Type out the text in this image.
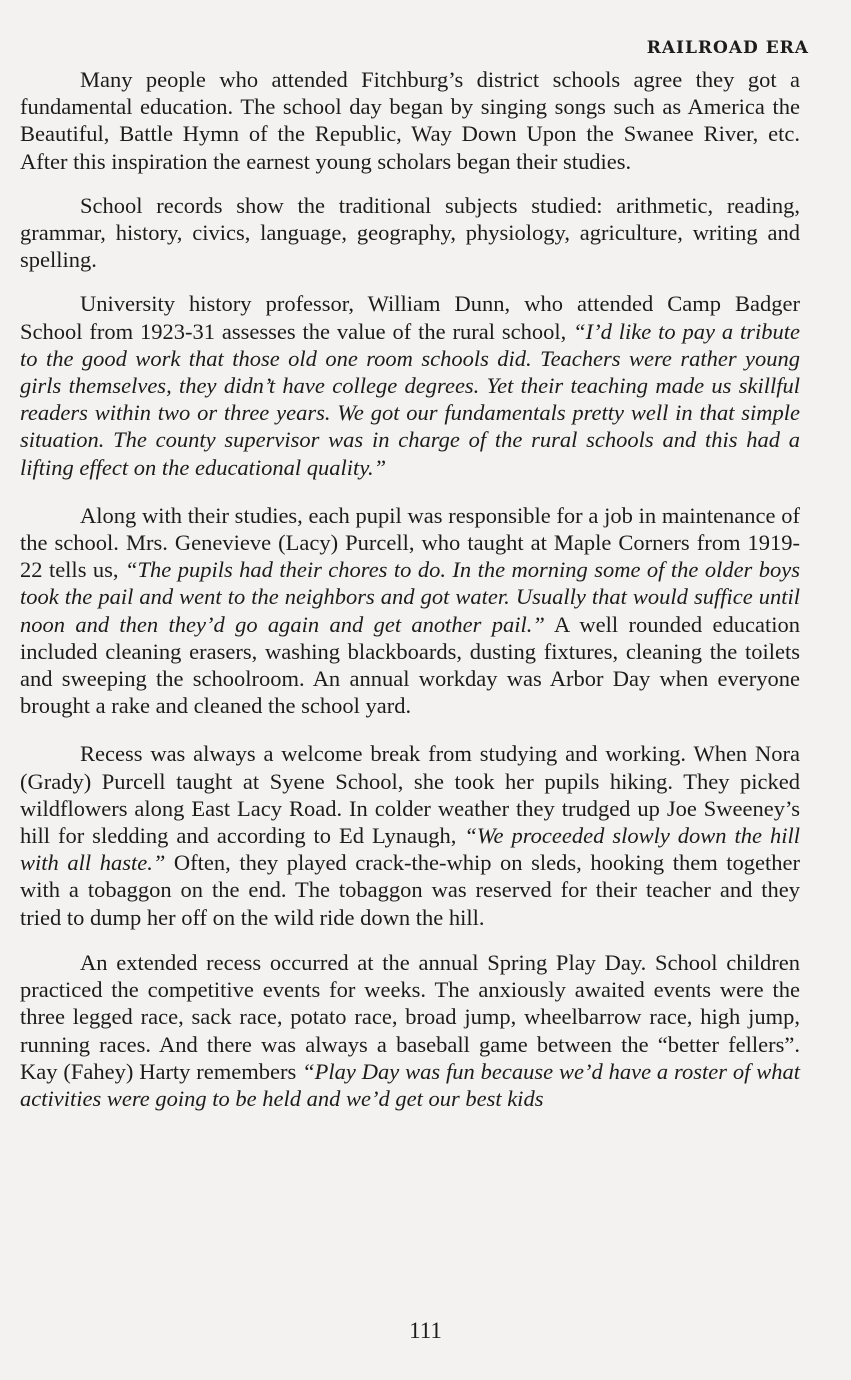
RAILROAD ERA

Many people who attended Fitchburg’s district schools agree they got a fundamental education. The school day began by singing songs such as America the Beautiful, Battle Hymn of the Republic, Way Down Upon the Swanee River, etc. After this inspiration the earnest young scholars began their studies.

School records show the traditional subjects studied: arithmetic, reading, grammar, history, civics, language, geography, physiology, agriculture, writing and spelling.

University history professor, William Dunn, who attended Camp Badger School from 1923-31 assesses the value of the rural school, “I’d like to pay a tribute to the good work that those old one room schools did. Teachers were rather young girls themselves, they didn’t have college degrees. Yet their teaching made us skillful readers within two or three years. We got our fundamentals pretty well in that simple situation. The county supervisor was in charge of the rural schools and this had a lifting effect on the educational quality.”

Along with their studies, each pupil was responsible for a job in maintenance of the school. Mrs. Genevieve (Lacy) Purcell, who taught at Maple Corners from 1919-22 tells us, “The pupils had their chores to do. In the morning some of the older boys took the pail and went to the neighbors and got water. Usually that would suffice until noon and then they’d go again and get another pail.” A well rounded education included cleaning erasers, washing blackboards, dusting fixtures, cleaning the toilets and sweeping the schoolroom. An annual workday was Arbor Day when everyone brought a rake and cleaned the school yard.

Recess was always a welcome break from studying and working. When Nora (Grady) Purcell taught at Syene School, she took her pupils hiking. They picked wildflowers along East Lacy Road. In colder weather they trudged up Joe Sweeney’s hill for sledding and according to Ed Lynaugh, “We proceeded slowly down the hill with all haste.” Often, they played crack-the-whip on sleds, hooking them together with a tobaggon on the end. The tobaggon was reserved for their teacher and they tried to dump her off on the wild ride down the hill.

An extended recess occurred at the annual Spring Play Day. School children practiced the competitive events for weeks. The anxiously awaited events were the three legged race, sack race, potato race, broad jump, wheelbarrow race, high jump, running races. And there was always a baseball game between the “better fellers”. Kay (Fahey) Harty remembers “Play Day was fun because we’d have a roster of what activities were going to be held and we’d get our best kids

111
